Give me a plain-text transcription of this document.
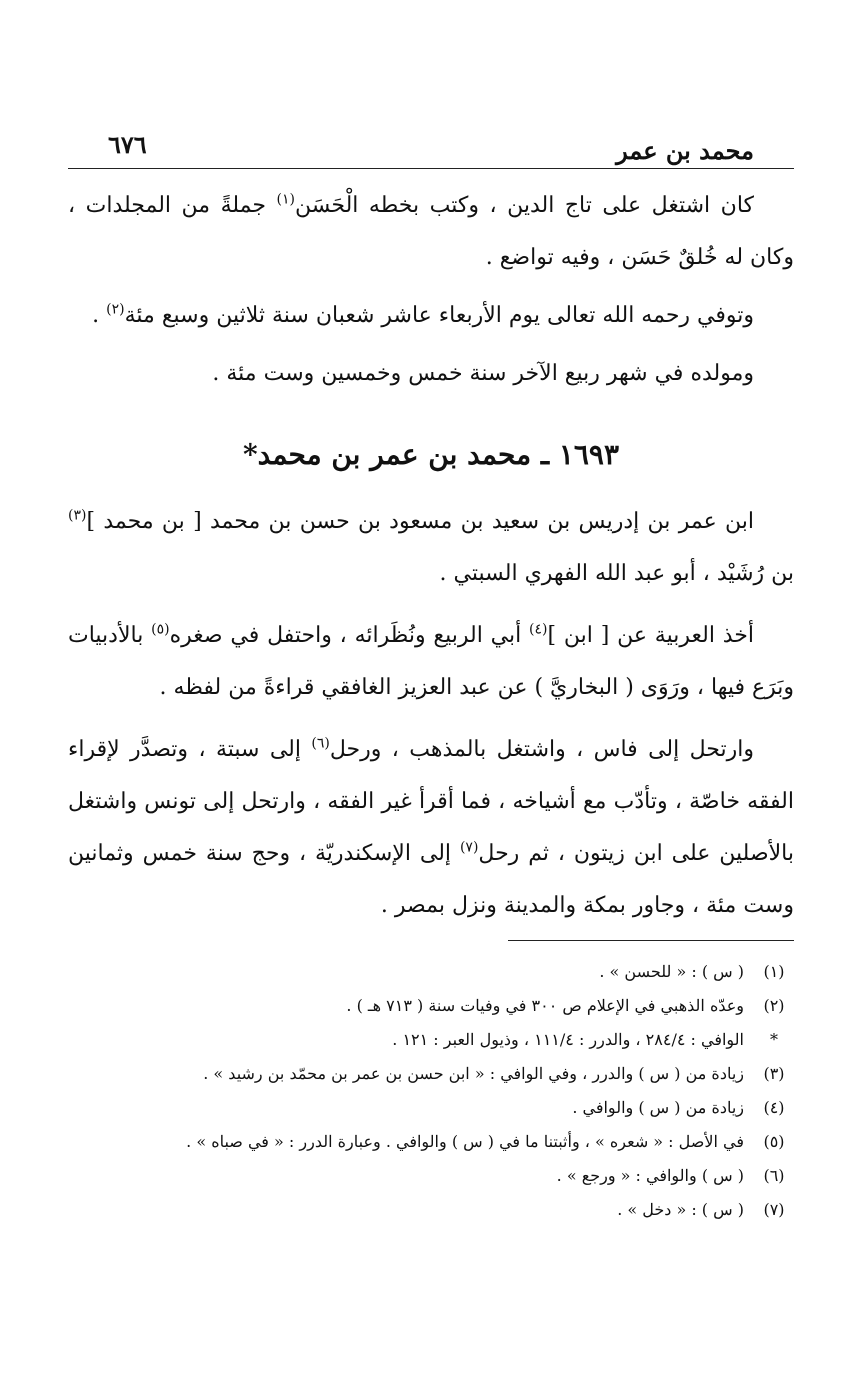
محمد بن عمر
٦٧٦

كان اشتغل على تاج الدين ، وكتب بخطه الْحَسَن$^{(١)}$ جملةً من المجلدات ، وكان له خُلقٌ حَسَن ، وفيه تواضع .

وتوفي رحمه الله تعالى يوم الأربعاء عاشر شعبان سنة ثلاثين وسبع مئة$^{(٢)}$ .

ومولده في شهر ربيع الآخر سنة خمس وخمسين وست مئة .

١٦٩٣ ـ محمد بن عمر بن محمد*

ابن عمر بن إدريس بن سعيد بن مسعود بن حسن بن محمد [ بن محمد ]$^{(٣)}$ بن رُشَيْد ، أبو عبد الله الفهري السبتي .

أخذ العربية عن [ ابن ]$^{(٤)}$ أبي الربيع ونُظَرائه ، واحتفل في صغره$^{(٥)}$ بالأدبيات وبَرَع فيها ، ورَوَى ( البخاريَّ ) عن عبد العزيز الغافقي قراءةً من لفظه .

وارتحل إلى فاس ، واشتغل بالمذهب ، ورحل$^{(٦)}$ إلى سبتة ، وتصدَّر لإقراء الفقه خاصّة ، وتأدّب مع أشياخه ، فما أقرأ غير الفقه ، وارتحل إلى تونس واشتغل بالأصلين على ابن زيتون ، ثم رحل$^{(٧)}$ إلى الإسكندريّة ، وحج سنة خمس وثمانين وست مئة ، وجاور بمكة والمدينة ونزل بمصر .

(١)
( س ) : « للحسن » .
(٢)
وعدّه الذهبي في الإعلام ص ٣٠٠ في وفيات سنة ( ٧١٣ هـ ) .
*
الوافي : ٢٨٤/٤ ، والدرر : ١١١/٤ ، وذيول العبر : ١٢١ .
(٣)
زيادة من ( س ) والدرر ، وفي الوافي : « ابن حسن بن عمر بن محمّد بن رشيد » .
(٤)
زيادة من ( س ) والوافي .
(٥)
في الأصل : « شعره » ، وأثبتنا ما في ( س ) والوافي . وعبارة الدرر : « في صباه » .
(٦)
( س ) والوافي : « ورجع » .
(٧)
( س ) : « دخل » .
